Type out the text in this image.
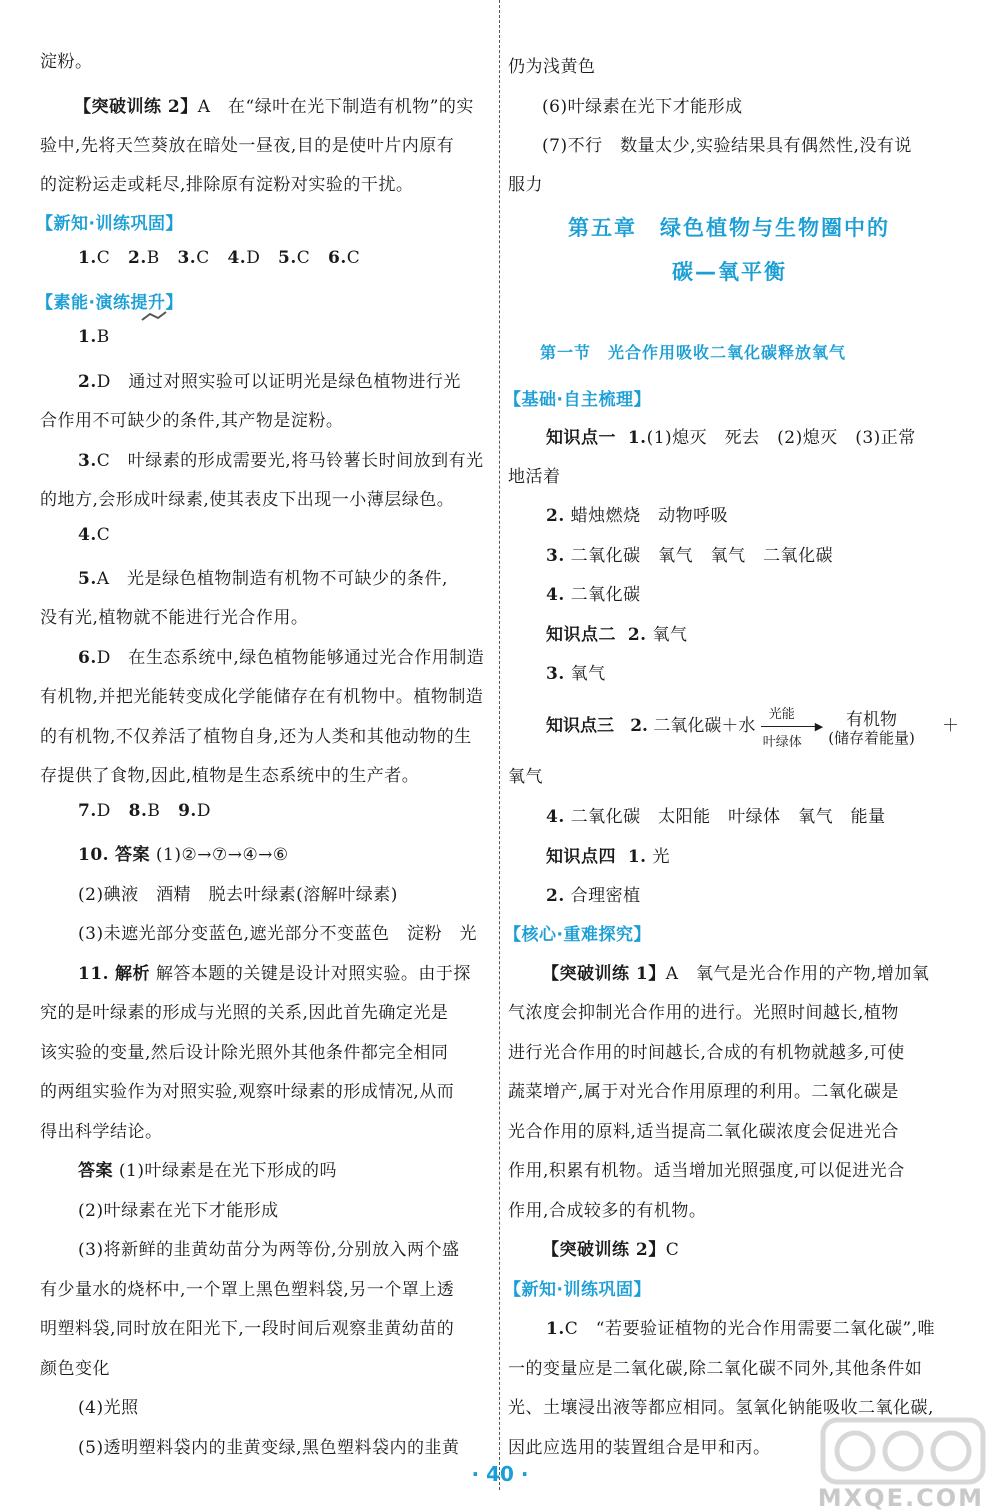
淀粉。
【突破训练 2】A　在“绿叶在光下制造有机物”的实
验中,先将天竺葵放在暗处一昼夜,目的是使叶片内原有
的淀粉运走或耗尽,排除原有淀粉对实验的干扰。
【新知·训练巩固】
1.C 2.B 3.C 4.D 5.C 6.C
【素能·演练提升】
1.B
2.D　通过对照实验可以证明光是绿色植物进行光
合作用不可缺少的条件,其产物是淀粉。
3.C　叶绿素的形成需要光,将马铃薯长时间放到有光
的地方,会形成叶绿素,使其表皮下出现一小薄层绿色。
4.C
5.A　光是绿色植物制造有机物不可缺少的条件,
没有光,植物就不能进行光合作用。
6.D　在生态系统中,绿色植物能够通过光合作用制造
有机物,并把光能转变成化学能储存在有机物中。植物制造
的有机物,不仅养活了植物自身,还为人类和其他动物的生
存提供了食物,因此,植物是生态系统中的生产者。
7.D 8.B 9.D
10. 答案 (1)②→⑦→④→⑥
(2)碘液　酒精　脱去叶绿素(溶解叶绿素)
(3)未遮光部分变蓝色,遮光部分不变蓝色　淀粉　光
11. 解析 解答本题的关键是设计对照实验。由于探
究的是叶绿素的形成与光照的关系,因此首先确定光是
该实验的变量,然后设计除光照外其他条件都完全相同
的两组实验作为对照实验,观察叶绿素的形成情况,从而
得出科学结论。
答案 (1)叶绿素是在光下形成的吗
(2)叶绿素在光下才能形成
(3)将新鲜的韭黄幼苗分为两等份,分别放入两个盛
有少量水的烧杯中,一个罩上黑色塑料袋,另一个罩上透
明塑料袋,同时放在阳光下,一段时间后观察韭黄幼苗的
颜色变化
(4)光照
(5)透明塑料袋内的韭黄变绿,黑色塑料袋内的韭黄
仍为浅黄色
(6)叶绿素在光下才能形成
(7)不行　数量太少,实验结果具有偶然性,没有说
服力
第五章　绿色植物与生物圈中的
碳—氧平衡
第一节　光合作用吸收二氧化碳释放氧气
【基础·自主梳理】
知识点一 1.(1)熄灭　死去　(2)熄灭　(3)正常
地活着
2. 蜡烛燃烧　动物呼吸
3. 二氧化碳　氧气　氧气　二氧化碳
4. 二氧化碳
知识点二 2. 氧气
3. 氧气
知识点三 2. 二氧化碳＋水
光能
▶
叶绿体
有机物
(储存着能量)     ＋
氧气
4. 二氧化碳　太阳能　叶绿体　氧气　能量
知识点四 1. 光
2. 合理密植
【核心·重难探究】
【突破训练 1】A　氧气是光合作用的产物,增加氧
气浓度会抑制光合作用的进行。光照时间越长,植物
进行光合作用的时间越长,合成的有机物就越多,可使
蔬菜增产,属于对光合作用原理的利用。二氧化碳是
光合作用的原料,适当提高二氧化碳浓度会促进光合
作用,积累有机物。适当增加光照强度,可以促进光合
作用,合成较多的有机物。
【突破训练 2】C
【新知·训练巩固】
1.C　“若要验证植物的光合作用需要二氧化碳”,唯
一的变量应是二氧化碳,除二氧化碳不同外,其他条件如
光、土壤浸出液等都应相同。氢氧化钠能吸收二氧化碳,
因此应选用的装置组合是甲和丙。
· 40 ·
MXQE.COM
